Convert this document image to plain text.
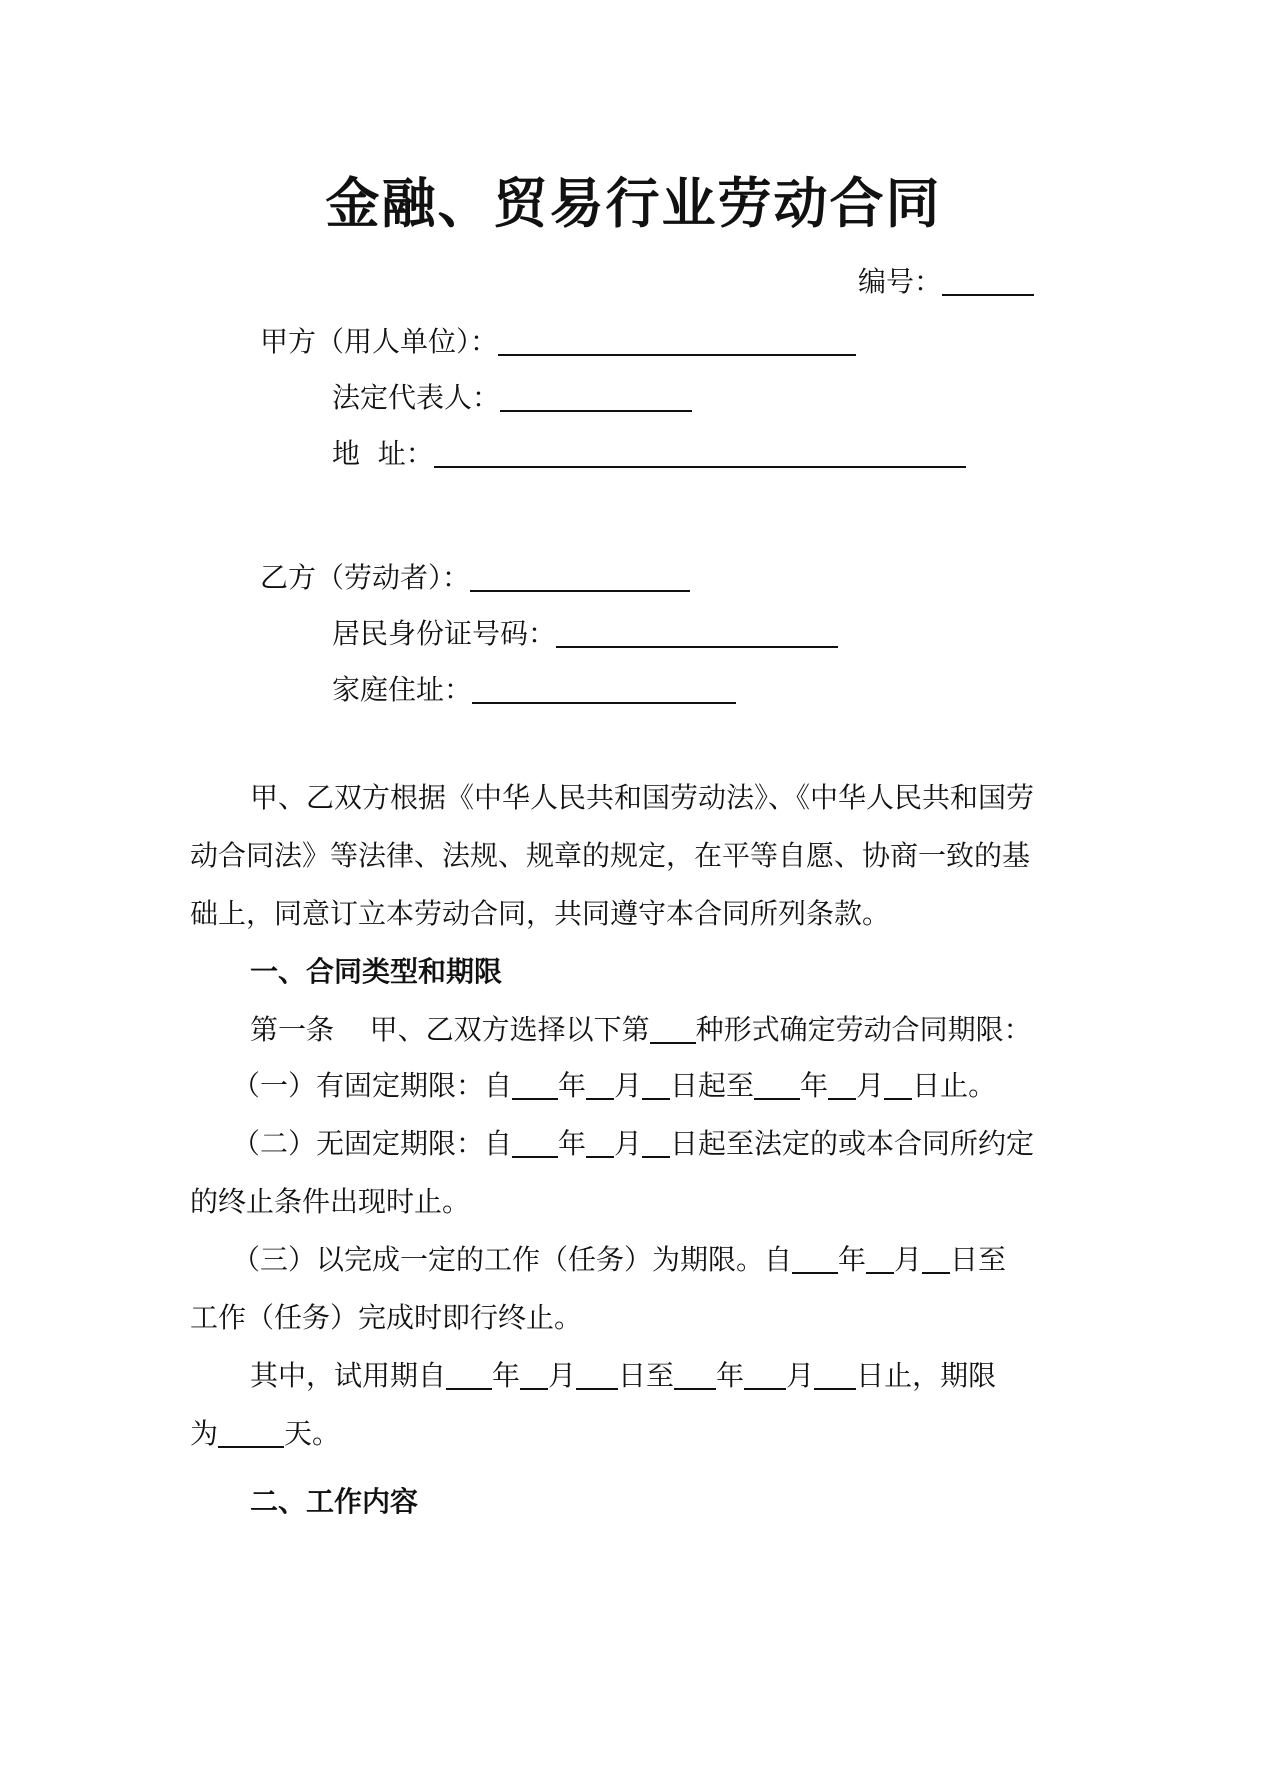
金融、贸易行业劳动合同
编号：
甲方（用人单位）：
法定代表人：
地  址：
乙方（劳动者）：
居民身份证号码：
家庭住址：

甲、乙双方根据《中华人民共和国劳动法》、《中华人民共和国劳

动合同法》等法律、法规、规章的规定，在平等自愿、协商一致的基

础上，同意订立本劳动合同，共同遵守本合同所列条款。

一、合同类型和期限
第一条    甲、乙双方选择以下第 种形式确定劳动合同期限：
（一）有固定期限：自 年 月 日起至 年 月 日止。
（二）无固定期限：自 年 月 日起至法定的或本合同所约定

的终止条件出现时止。

（三）以完成一定的工作（任务）为期限。自 年 月 日至

工作（任务）完成时即行终止。

其中，试用期自 年 月 日至 年 月 日止，期限
为 天。
二、工作内容
